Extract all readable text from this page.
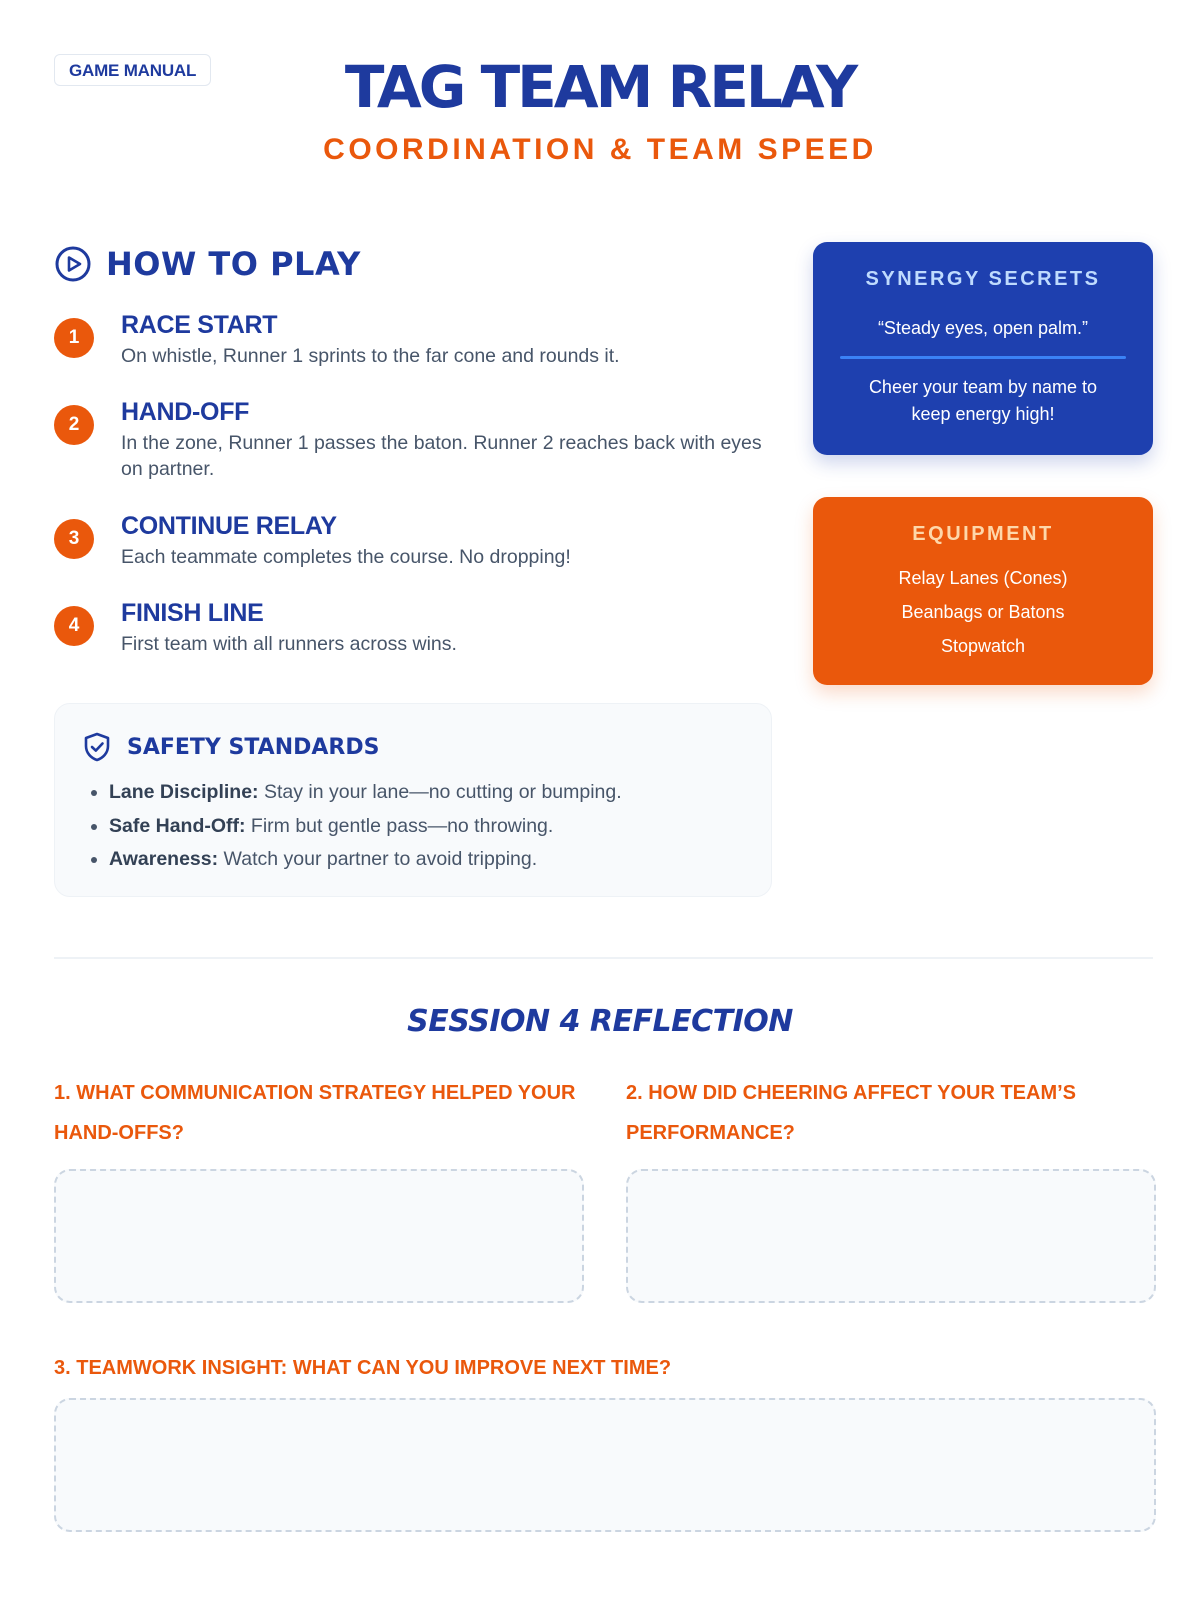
GAME MANUAL	TAG TEAM RELAY
COORDINATION & TEAM SPEED
HOW TO PLAY
1	RACE START
On whistle, Runner 1 sprints to the far cone and rounds it.
2	HAND-OFF
In the zone, Runner 1 passes the baton. Runner 2 reaches back with eyes on partner.
3	CONTINUE RELAY
Each teammate completes the course. No dropping!
4	FINISH LINE
First team with all runners across wins.
SAFETY STANDARDS
• Lane Discipline: Stay in your lane—no cutting or bumping.
• Safe Hand-Off: Firm but gentle pass—no throwing.
• Awareness: Watch your partner to avoid tripping.
SYNERGY SECRETS
“Steady eyes, open palm.”
Cheer your team by name to keep energy high!
EQUIPMENT
Relay Lanes (Cones)
Beanbags or Batons
Stopwatch
SESSION 4 REFLECTION
1. WHAT COMMUNICATION STRATEGY HELPED YOUR HAND-OFFS?
2. HOW DID CHEERING AFFECT YOUR TEAM’S PERFORMANCE?
3. TEAMWORK INSIGHT: WHAT CAN YOU IMPROVE NEXT TIME?
